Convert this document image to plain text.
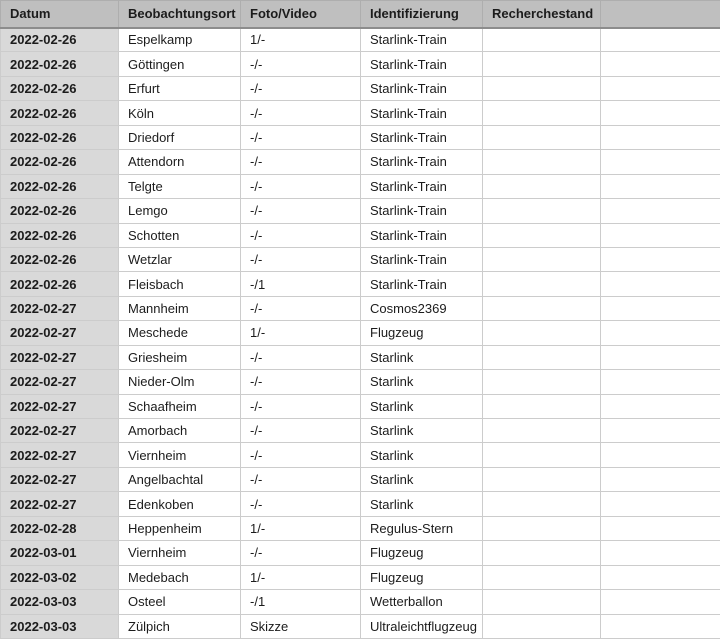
Datum	Beobachtungsort	Foto/Video	Identifizierung	Recherchestand	
2022-02-26	Espelkamp	1/-	Starlink-Train		
2022-02-26	Göttingen	-/-	Starlink-Train		
2022-02-26	Erfurt	-/-	Starlink-Train		
2022-02-26	Köln	-/-	Starlink-Train		
2022-02-26	Driedorf	-/-	Starlink-Train		
2022-02-26	Attendorn	-/-	Starlink-Train		
2022-02-26	Telgte	-/-	Starlink-Train		
2022-02-26	Lemgo	-/-	Starlink-Train		
2022-02-26	Schotten	-/-	Starlink-Train		
2022-02-26	Wetzlar	-/-	Starlink-Train		
2022-02-26	Fleisbach	-/1	Starlink-Train		
2022-02-27	Mannheim	-/-	Cosmos2369		
2022-02-27	Meschede	1/-	Flugzeug		
2022-02-27	Griesheim	-/-	Starlink		
2022-02-27	Nieder-Olm	-/-	Starlink		
2022-02-27	Schaafheim	-/-	Starlink		
2022-02-27	Amorbach	-/-	Starlink		
2022-02-27	Viernheim	-/-	Starlink		
2022-02-27	Angelbachtal	-/-	Starlink		
2022-02-27	Edenkoben	-/-	Starlink		
2022-02-28	Heppenheim	1/-	Regulus-Stern		
2022-03-01	Viernheim	-/-	Flugzeug		
2022-03-02	Medebach	1/-	Flugzeug		
2022-03-03	Osteel	-/1	Wetterballon		
2022-03-03	Zülpich	Skizze	Ultraleichtflugzeug		
